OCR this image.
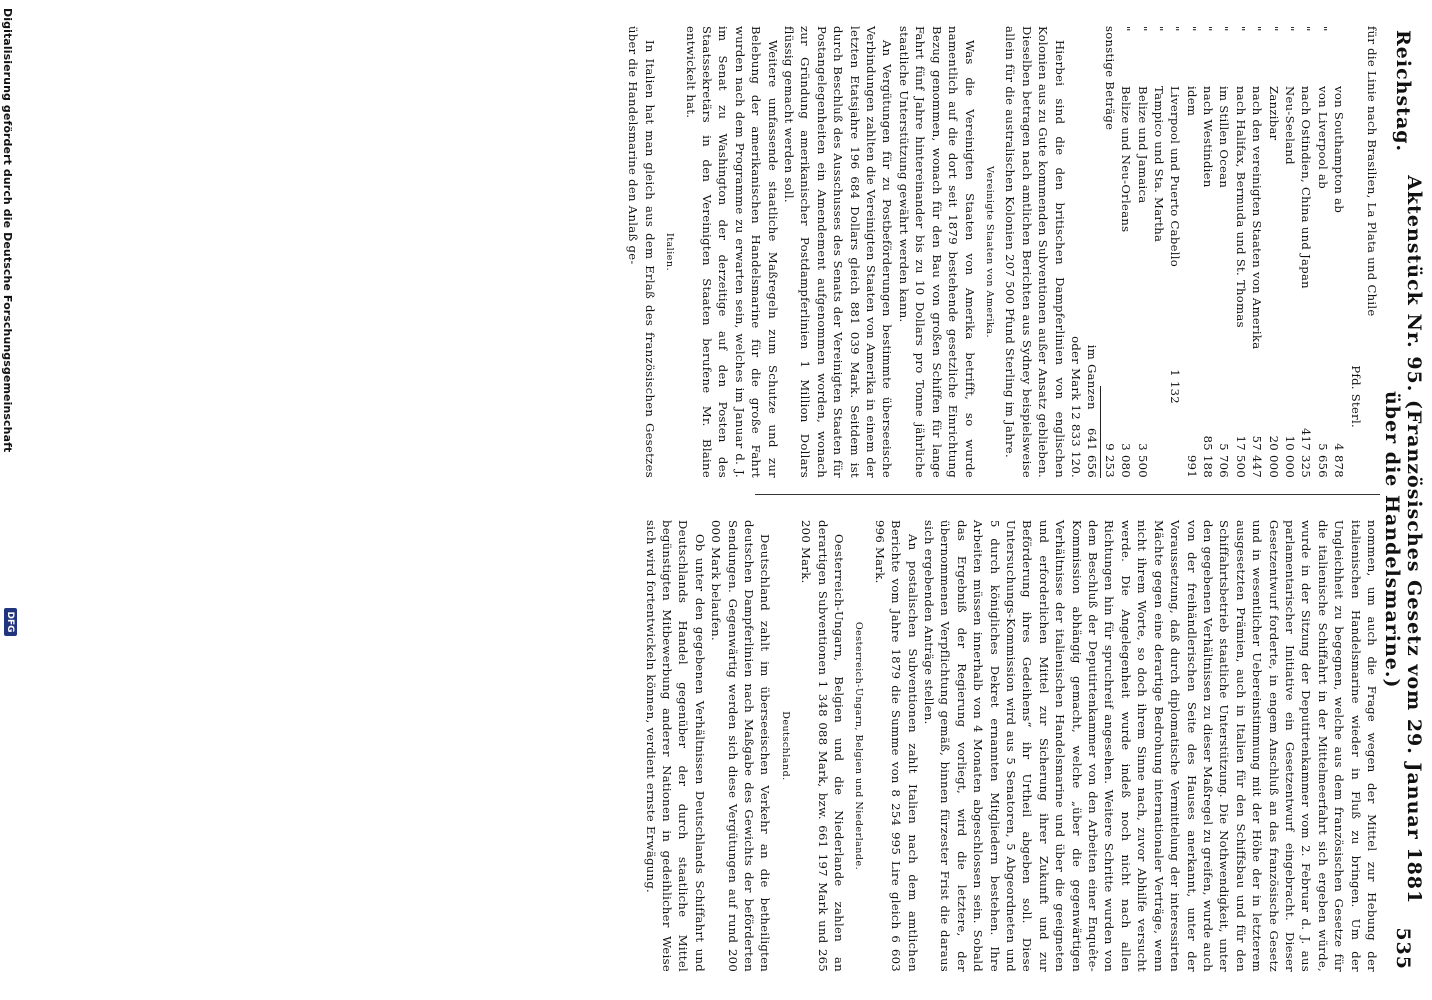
Reichstag.
Aktenstück Nr. 95. (Französisches Gesetz vom 29. Januar 1881 über die Handelsmarine.)
535
für die Linie nach Brasilien, La Plata und Chile
Pfd. Sterl.
von Southampton ab
4 878
"
von Liverpool ab
5 656
"
nach Ostindien, China und Japan
417 325
"
Neu-Seeland
10 000
"
Zanzibar
20 000
"
nach den vereinigten Staaten von Amerika
57 447
"
nach Halifax, Bermuda und St. Thomas
17 500
"
im Stillen Ocean
5 706
"
nach Westindien
85 188
"
idem
991
"
Liverpool und Puerto Cabello
1 132
"
Tampico und Sta. Martha
"
Belize und Jamaica
3 500
"
Belize und Neu-Orleans
3 080
sonstige Beträge
9 253
im Ganzen
641 656
oder Mark 12 833 120.

Hierbei sind die den britischen Dampferlinien von englischen Kolonien aus zu Gute kommenden Subventionen außer Ansatz geblieben. Dieselben betragen nach amtlichen Berichten aus Sydney beispielsweise allein für die australischen Kolonien 207 500 Pfund Sterling im Jahre.

Vereinigte Staaten von Amerika.

Was die Vereinigten Staaten von Amerika betrifft, so wurde namentlich auf die dort seit 1879 bestehende gesetzliche Einrichtung Bezug genommen, wonach für den Bau von großen Schiffen für lange Fahrt fünf Jahre hintereinander bis zu 10 Dollars pro Tonne jährliche staatliche Unterstützung gewährt werden kann.

An Vergütungen für zu Postbeförderungen bestimmte überseeische Verbindungen zahlten die Vereinigten Staaten von Amerika in einem der letzten Etatsjahre 196 684 Dollars gleich 881 039 Mark. Seitdem ist durch Beschluß des Ausschusses des Senats der Vereinigten Staaten für Postangelegenheiten ein Amendement aufgenommen worden, wonach zur Gründung amerikanischer Postdampferlinien 1 Million Dollars flüssig gemacht werden soll.

Weitere umfassende staatliche Maßregeln zum Schutze und zur Belebung der amerikanischen Handelsmarine für die große Fahrt wurden nach dem Programme zu erwarten sein, welches im Januar d. J. im Senat zu Washington der derzeitige auf den Posten des Staatssekretärs in den Vereinigten Staaten berufene Mr. Blaine entwickelt hat.

Italien.

In Italien hat man gleich aus dem Erlaß des französischen Gesetzes über die Handelsmarine den Anlaß ge-

nommen, um auch die Frage wegen der Mittel zur Hebung der italienischen Handelsmarine wieder in Fluß zu bringen. Um der Ungleichheit zu begegnen, welche aus dem französischen Gesetze für die italienische Schiffahrt in der Mittelmeerfahrt sich ergeben würde, wurde in der Sitzung der Deputirtenkammer vom 2. Februar d. J. aus parlamentarischer Initiative ein Gesetzentwurf eingebracht. Dieser Gesetzentwurf forderte, in engem Anschluß an das französische Gesetz und in wesentlicher Uebereinstimmung mit der Höhe der in letzterem ausgesetzten Prämien, auch in Italien für den Schiffsbau und für den Schiffahrtsbetrieb staatliche Unterstützung. Die Nothwendigkeit, unter den gegebenen Verhältnissen zu dieser Maßregel zu greifen, wurde auch von der freihändlerischen Seite des Hauses anerkannt, unter der Voraussetzung, daß durch diplomatische Vermittelung der interessirten Mächte gegen eine derartige Bedrohung internationaler Verträge, wenn nicht ihrem Worte, so doch ihrem Sinne nach, zuvor Abhilfe versucht werde. Die Angelegenheit wurde indeß noch nicht nach allen Richtungen hin für spruchreif angesehen. Weitere Schritte wurden von dem Beschluß der Deputirtenkammer von den Arbeiten einer Enquête-Kommission abhängig gemacht, welche „über die gegenwärtigen Verhältnisse der italienischen Handelsmarine und über die geeigneten und erforderlichen Mittel zur Sicherung ihrer Zukunft und zur Beförderung ihres Gedeihens“ ihr Urtheil abgeben soll. Diese Untersuchungs-Kommission wird aus 5 Senatoren, 5 Abgeordneten und 5 durch königliches Dekret ernannten Mitgliedern bestehen. Ihre Arbeiten müssen innerhalb von 4 Monaten abgeschlossen sein. Sobald das Ergebniß der Regierung vorliegt, wird die letztere, der übernommenen Verpflichtung gemäß, binnen fürzester Frist die daraus sich ergebenden Anträge stellen.

An postalischen Subventionen zahlt Italien nach dem amtlichen Berichte vom Jahre 1879 die Summe von 8 254 995 Lire gleich 6 603 996 Mark.

Oesterreich-Ungarn, Belgien und Niederlande.

Oesterreich-Ungarn, Belgien und die Niederlande zahlen an derartigen Subventionen 1 348 088 Mark, bzw. 661 197 Mark und 265 200 Mark.

Deutschland.

Deutschland zahlt im überseeischen Verkehr an die betheiligten deutschen Dampferlinien nach Maßgabe des Gewichts der beförderten Sendungen. Gegenwärtig werden sich diese Vergütungen auf rund 200 000 Mark belaufen.

Ob unter den gegebenen Verhältnissen Deutschlands Schiffahrt und Deutschlands Handel gegenüber der durch staatliche Mittel begünstigten Mitbewerbung anderer Nationen in gedeihlicher Weise sich wird fortentwickeln können, verdient ernste Erwägung.

Digitalisierung gefördert durch die Deutsche Forschungsgemeinschaft
DFG
